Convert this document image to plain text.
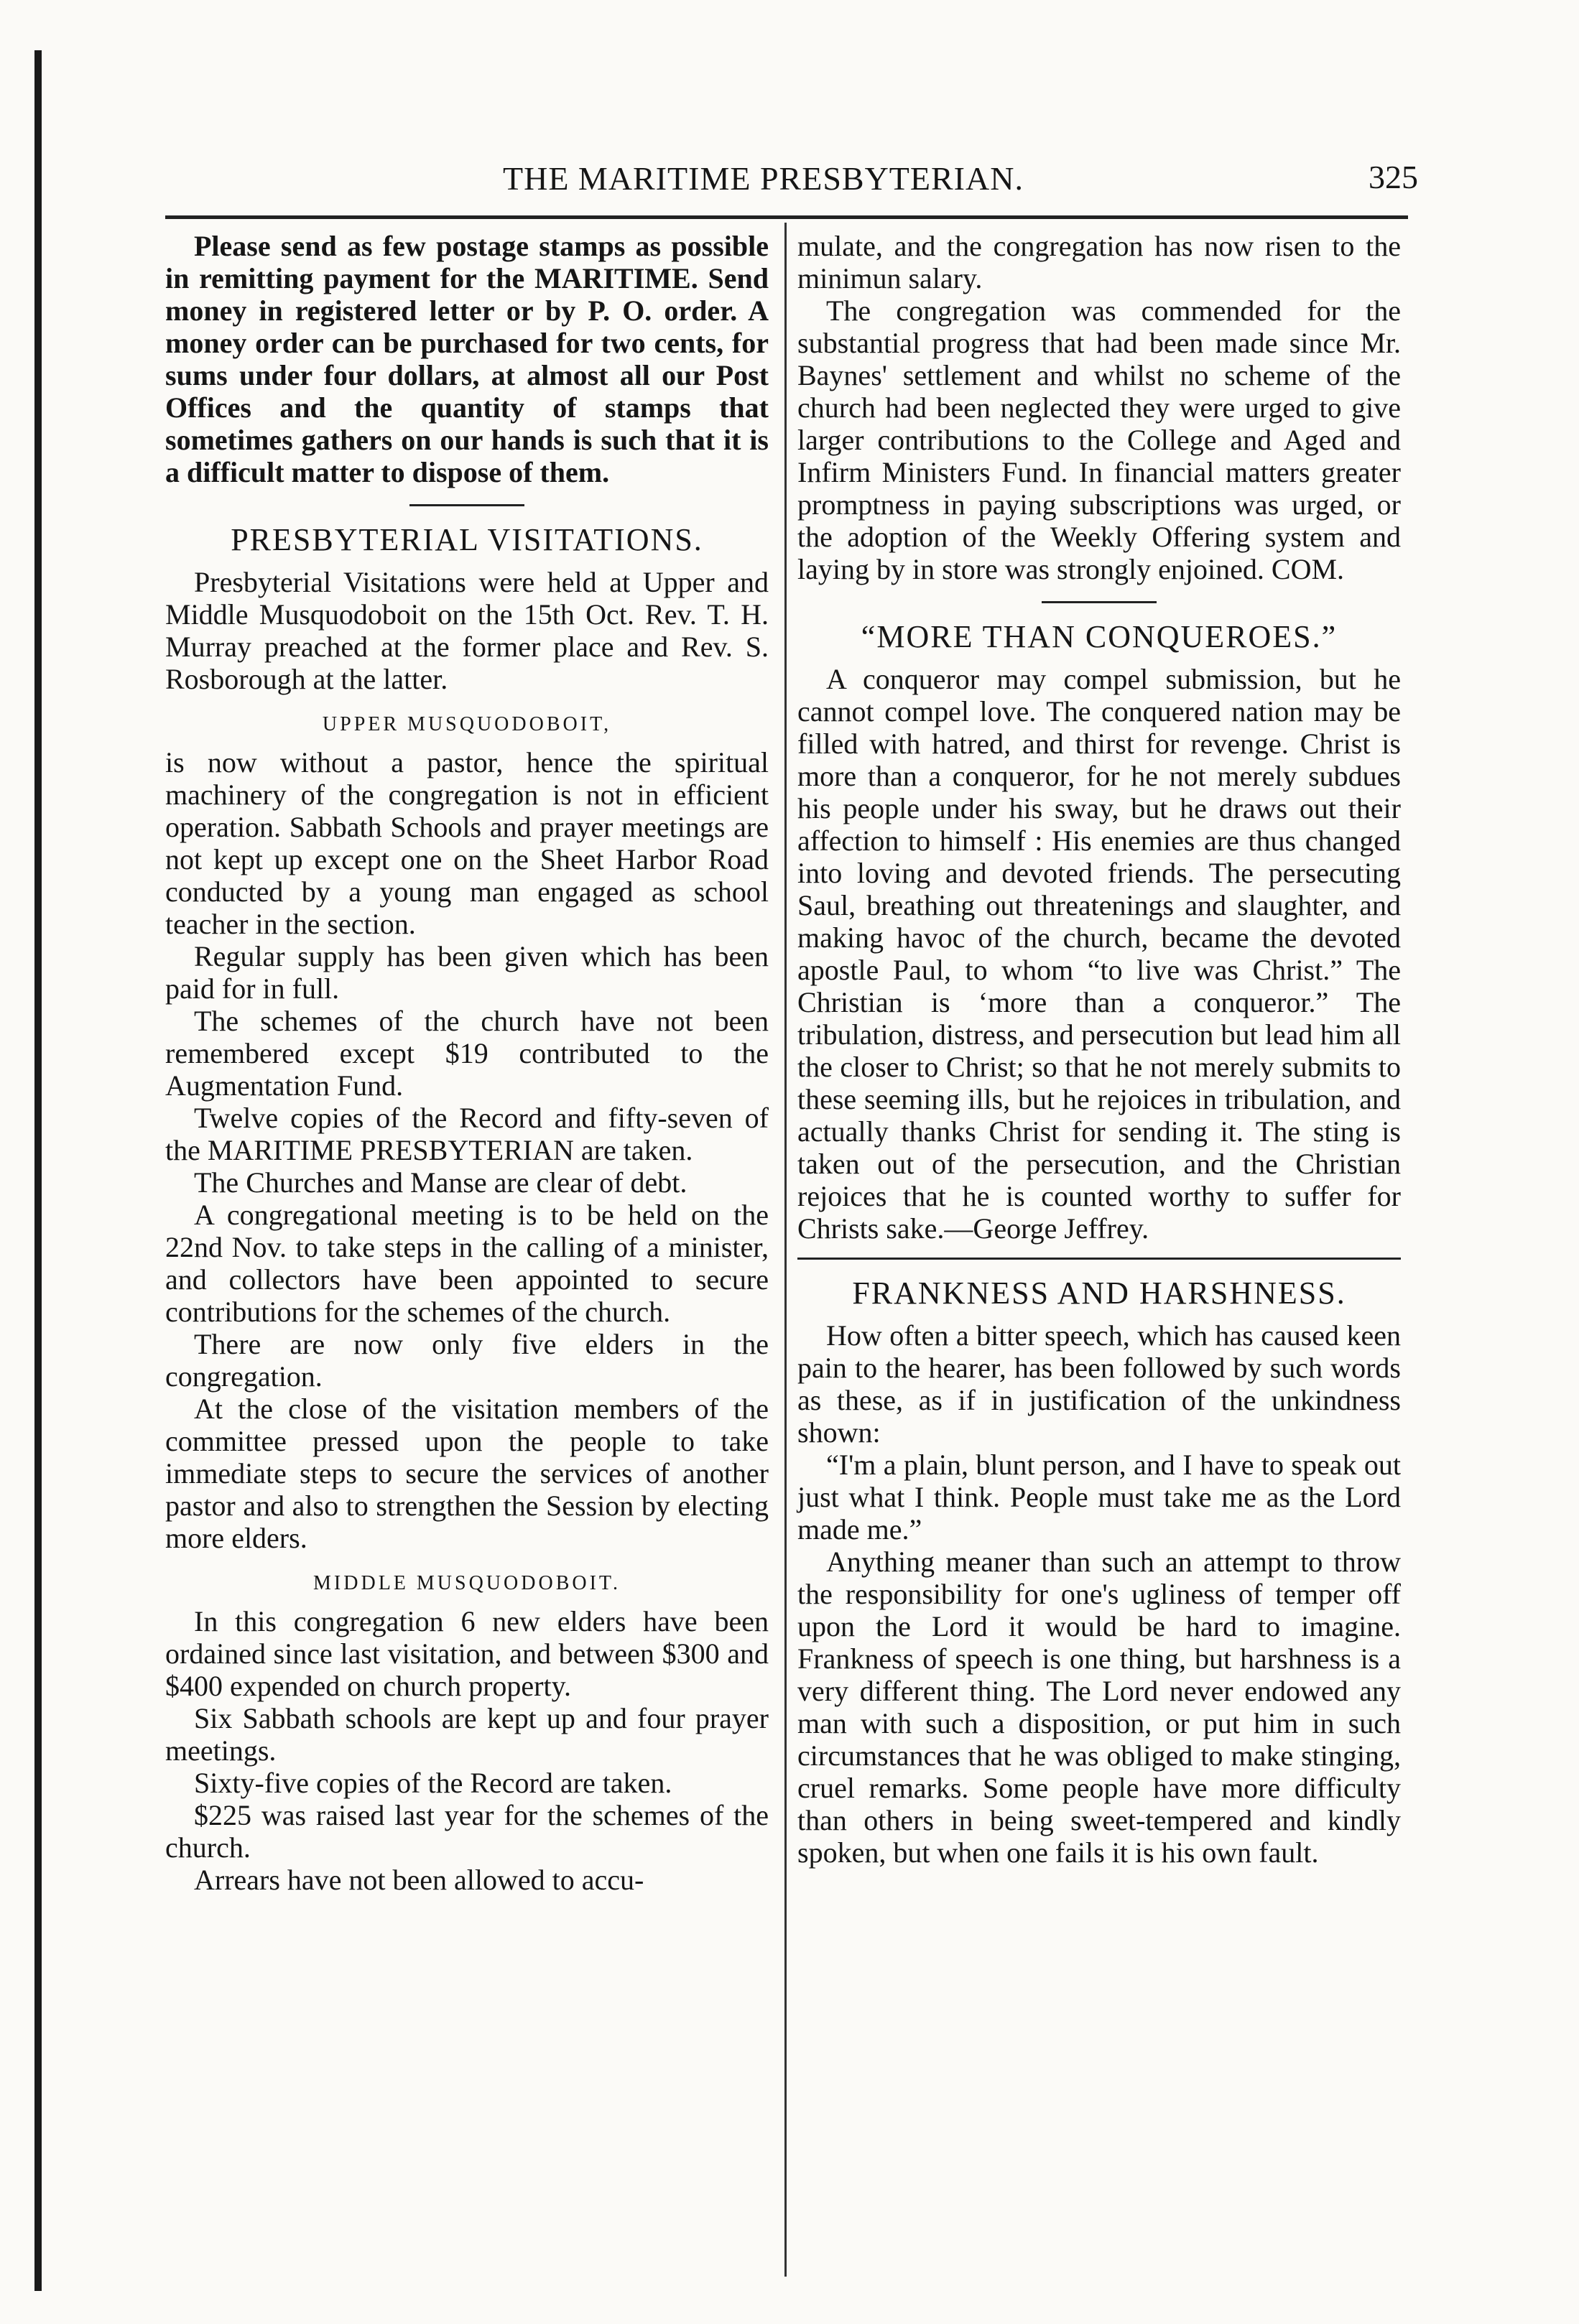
THE MARITIME PRESBYTERIAN.	325

Please send as few postage stamps as possible in remitting payment for the MARITIME. Send money in registered letter or by P. O. order. A money order can be purchased for two cents, for sums under four dollars, at almost all our Post Offices and the quantity of stamps that sometimes gathers on our hands is such that it is a difficult matter to dispose of them.

PRESBYTERIAL VISITATIONS.

Presbyterial Visitations were held at Upper and Middle Musquodoboit on the 15th Oct. Rev. T. H. Murray preached at the former place and Rev. S. Rosborough at the latter.

UPPER MUSQUODOBOIT,

is now without a pastor, hence the spiritual machinery of the congregation is not in efficient operation. Sabbath Schools and prayer meetings are not kept up except one on the Sheet Harbor Road conducted by a young man engaged as school teacher in the section.

Regular supply has been given which has been paid for in full.

The schemes of the church have not been remembered except $19 contributed to the Augmentation Fund.

Twelve copies of the Record and fifty-seven of the MARITIME PRESBYTERIAN are taken.

The Churches and Manse are clear of debt.

A congregational meeting is to be held on the 22nd Nov. to take steps in the calling of a minister, and collectors have been appointed to secure contributions for the schemes of the church.

There are now only five elders in the congregation.

At the close of the visitation members of the committee pressed upon the people to take immediate steps to secure the services of another pastor and also to strengthen the Session by electing more elders.

MIDDLE MUSQUODOBOIT.

In this congregation 6 new elders have been ordained since last visitation, and between $300 and $400 expended on church property.

Six Sabbath schools are kept up and four prayer meetings.

Sixty-five copies of the Record are taken.

$225 was raised last year for the schemes of the church.

Arrears have not been allowed to accu-

mulate, and the congregation has now risen to the minimun salary.

The congregation was commended for the substantial progress that had been made since Mr. Baynes' settlement and whilst no scheme of the church had been neglected they were urged to give larger contributions to the College and Aged and Infirm Ministers Fund. In financial matters greater promptness in paying subscriptions was urged, or the adoption of the Weekly Offering system and laying by in store was strongly enjoined. COM.

“MORE THAN CONQUEROES.”

A conqueror may compel submission, but he cannot compel love. The conquered nation may be filled with hatred, and thirst for revenge. Christ is more than a conqueror, for he not merely subdues his people under his sway, but he draws out their affection to himself : His enemies are thus changed into loving and devoted friends. The persecuting Saul, breathing out threatenings and slaughter, and making havoc of the church, became the devoted apostle Paul, to whom “to live was Christ.” The Christian is ‘more than a conqueror.” The tribulation, distress, and persecution but lead him all the closer to Christ; so that he not merely submits to these seeming ills, but he rejoices in tribulation, and actually thanks Christ for sending it. The sting is taken out of the persecution, and the Christian rejoices that he is counted worthy to suffer for Christs sake.—George Jeffrey.

FRANKNESS AND HARSHNESS.

How often a bitter speech, which has caused keen pain to the hearer, has been followed by such words as these, as if in justification of the unkindness shown:

“I'm a plain, blunt person, and I have to speak out just what I think. People must take me as the Lord made me.”

Anything meaner than such an attempt to throw the responsibility for one's ugliness of temper off upon the Lord it would be hard to imagine. Frankness of speech is one thing, but harshness is a very different thing. The Lord never endowed any man with such a disposition, or put him in such circumstances that he was obliged to make stinging, cruel remarks. Some people have more difficulty than others in being sweet-tempered and kindly spoken, but when one fails it is his own fault.
